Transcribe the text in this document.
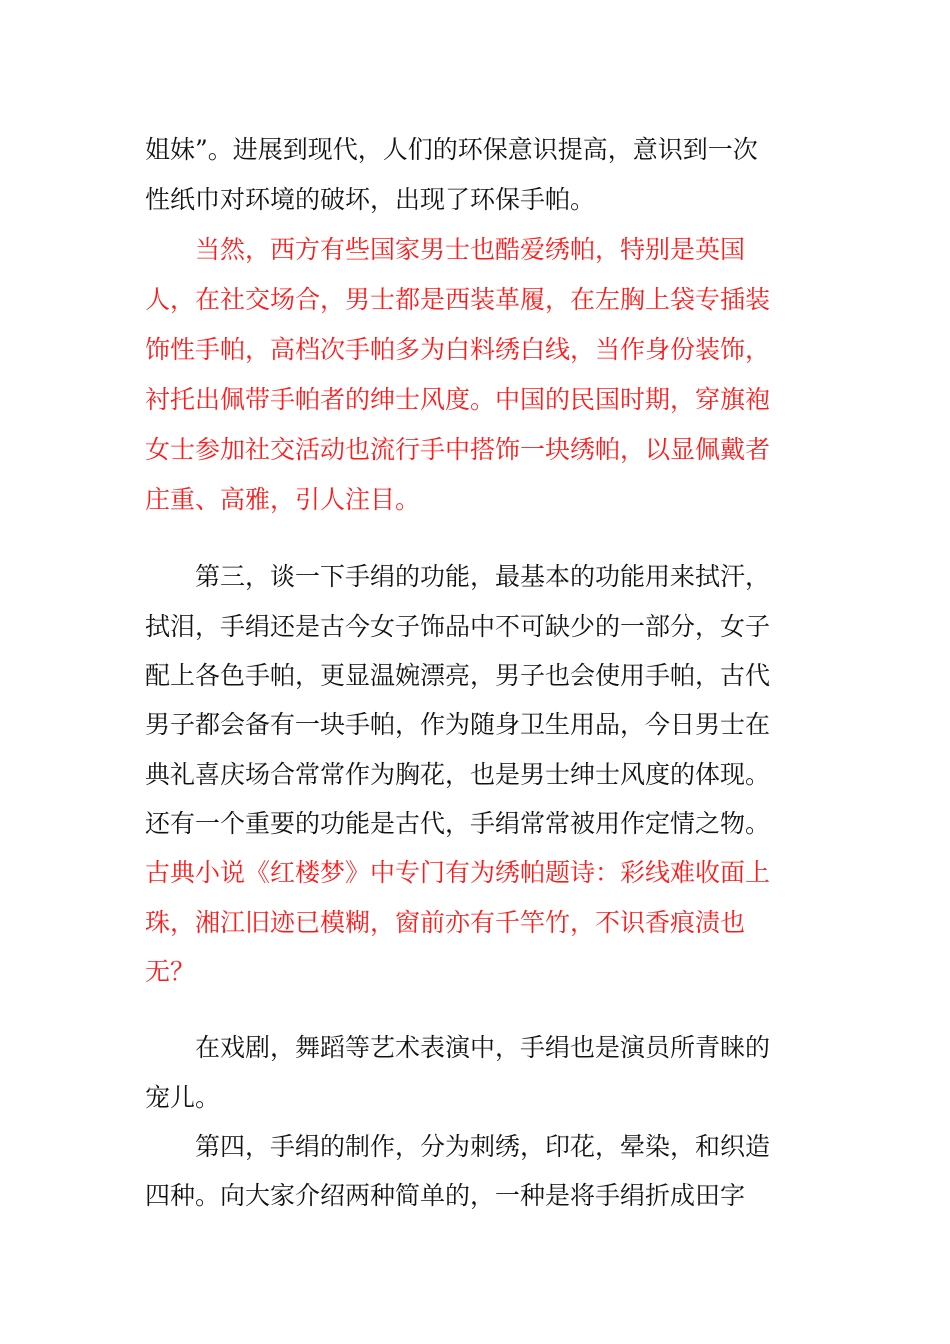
姐妹”。进展到现代，人们的环保意识提高，意识到一次

性纸巾对环境的破坏，出现了环保手帕。

当然，西方有些国家男士也酷爱绣帕，特别是英国

人，在社交场合，男士都是西装革履，在左胸上袋专插装

饰性手帕，高档次手帕多为白料绣白线，当作身份装饰，

衬托出佩带手帕者的绅士风度。中国的民国时期，穿旗袍

女士参加社交活动也流行手中搭饰一块绣帕，以显佩戴者

庄重、高雅，引人注目。

第三，谈一下手绢的功能，最基本的功能用来拭汗，

拭泪，手绢还是古今女子饰品中不可缺少的一部分，女子

配上各色手帕，更显温婉漂亮，男子也会使用手帕，古代

男子都会备有一块手帕，作为随身卫生用品，今日男士在

典礼喜庆场合常常作为胸花，也是男士绅士风度的体现。

还有一个重要的功能是古代，手绢常常被用作定情之物。

古典小说《红楼梦》中专门有为绣帕题诗：彩线难收面上

珠，湘江旧迹已模糊，窗前亦有千竿竹，不识香痕渍也

无？

在戏剧，舞蹈等艺术表演中，手绢也是演员所青睐的

宠儿。

第四，手绢的制作，分为刺绣，印花，晕染，和织造

四种。向大家介绍两种简单的，一种是将手绢折成田字
